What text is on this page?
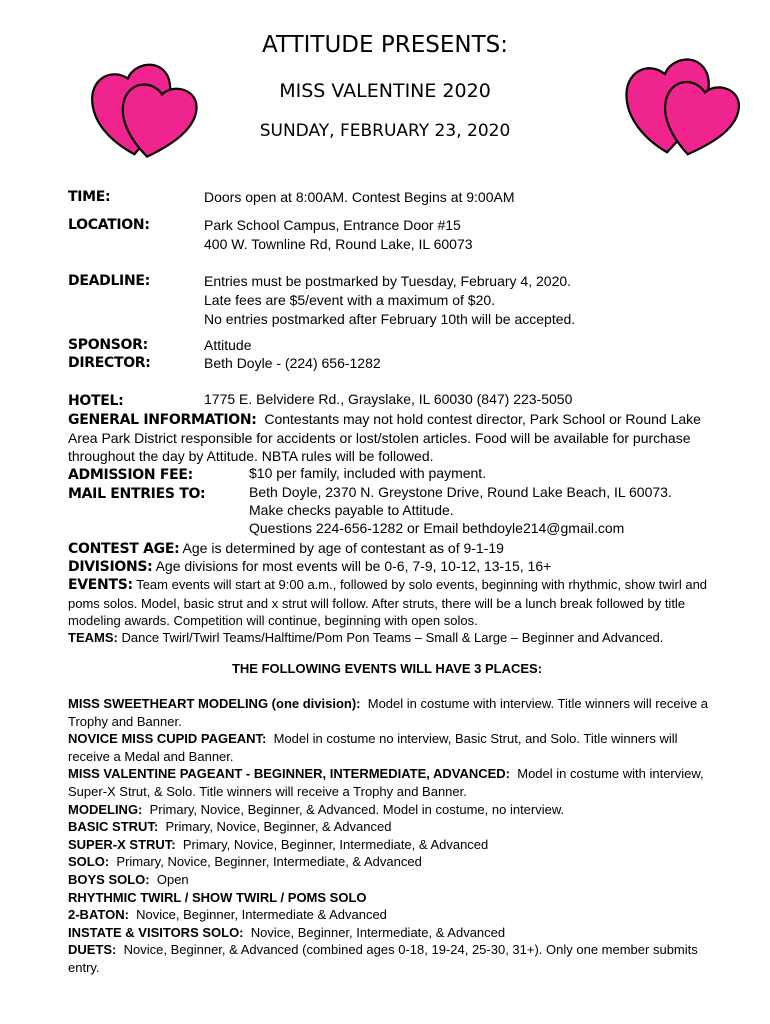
ATTITUDE PRESENTS:
MISS VALENTINE 2020
SUNDAY, FEBRUARY 23, 2020
TIME:	Doors open at 8:00AM. Contest Begins at 9:00AM
LOCATION:	Park School Campus, Entrance Door #15
400 W. Townline Rd, Round Lake, IL 60073
DEADLINE:	Entries must be postmarked by Tuesday, February 4, 2020.
Late fees are $5/event with a maximum of $20.
No entries postmarked after February 10th will be accepted.
SPONSOR:	Attitude
DIRECTOR:	Beth Doyle - (224) 656-1282
HOTEL:	1775 E. Belvidere Rd., Grayslake, IL 60030 (847) 223-5050
GENERAL INFORMATION: Contestants may not hold contest director, Park School or Round Lake Area Park District responsible for accidents or lost/stolen articles. Food will be available for purchase throughout the day by Attitude. NBTA rules will be followed.
ADMISSION FEE:	$10 per family, included with payment.
MAIL ENTRIES TO:	Beth Doyle, 2370 N. Greystone Drive, Round Lake Beach, IL 60073.
Make checks payable to Attitude.
Questions 224-656-1282 or Email bethdoyle214@gmail.com
CONTEST AGE: Age is determined by age of contestant as of 9-1-19
DIVISIONS: Age divisions for most events will be 0-6, 7-9, 10-12, 13-15, 16+
EVENTS: Team events will start at 9:00 a.m., followed by solo events, beginning with rhythmic, show twirl and poms solos. Model, basic strut and x strut will follow. After struts, there will be a lunch break followed by title modeling awards. Competition will continue, beginning with open solos.
TEAMS: Dance Twirl/Twirl Teams/Halftime/Pom Pon Teams – Small & Large – Beginner and Advanced.
THE FOLLOWING EVENTS WILL HAVE 3 PLACES:
MISS SWEETHEART MODELING (one division): Model in costume with interview. Title winners will receive a Trophy and Banner.
NOVICE MISS CUPID PAGEANT: Model in costume no interview, Basic Strut, and Solo. Title winners will receive a Medal and Banner.
MISS VALENTINE PAGEANT - BEGINNER, INTERMEDIATE, ADVANCED: Model in costume with interview, Super-X Strut, & Solo. Title winners will receive a Trophy and Banner.
MODELING: Primary, Novice, Beginner, & Advanced. Model in costume, no interview.
BASIC STRUT: Primary, Novice, Beginner, & Advanced
SUPER-X STRUT: Primary, Novice, Beginner, Intermediate, & Advanced
SOLO: Primary, Novice, Beginner, Intermediate, & Advanced
BOYS SOLO: Open
RHYTHMIC TWIRL / SHOW TWIRL / POMS SOLO
2-BATON: Novice, Beginner, Intermediate & Advanced
INSTATE & VISITORS SOLO: Novice, Beginner, Intermediate, & Advanced
DUETS: Novice, Beginner, & Advanced (combined ages 0-18, 19-24, 25-30, 31+). Only one member submits entry.
